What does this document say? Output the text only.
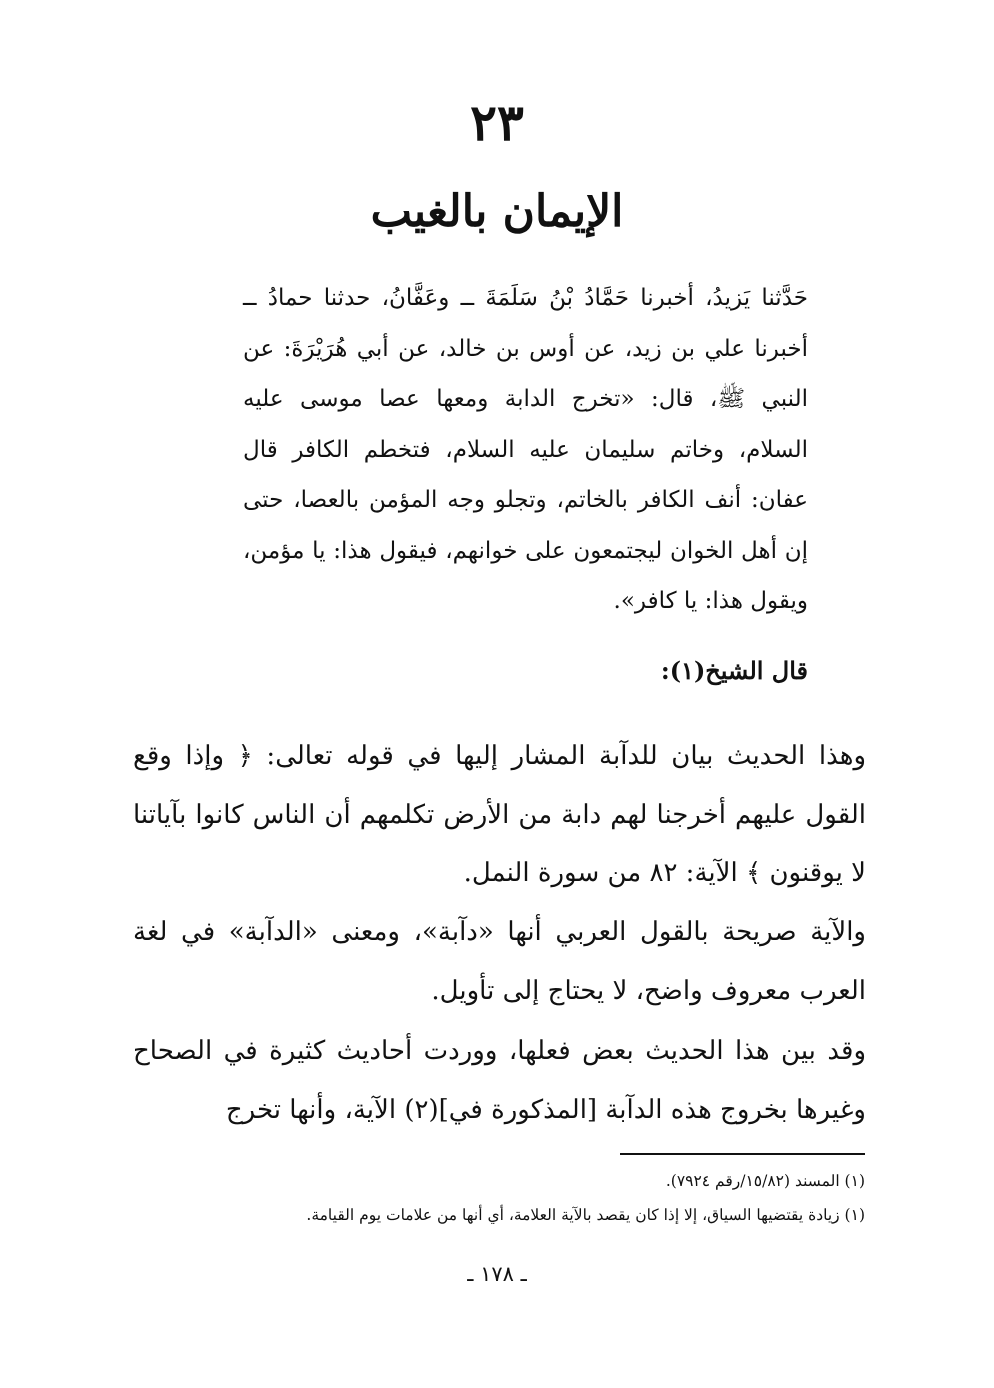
٢٣
الإيمان بالغيب
حَدَّثنا يَزيدُ، أخبرنا حَمَّادُ بْنُ سَلَمَةَ ــ وعَفَّانُ، حدثنا حمادُ ــ أخبرنا علي بن زيد، عن أوس بن خالد، عن أبي هُرَيْرَةَ: عن النبي ﷺ، قال: «تخرج الدابة ومعها عصا موسى عليه السلام، وخاتم سليمان عليه السلام، فتخطم الكافر قال عفان: أنف الكافر بالخاتم، وتجلو وجه المؤمن بالعصا، حتى إن أهل الخوان ليجتمعون على خوانهم، فيقول هذا: يا مؤمن، ويقول هذا: يا كافر».
قال الشيخ(١):
وهذا الحديث بيان للدآبة المشار إليها في قوله تعالى: ﴿ وإذا وقع القول عليهم أخرجنا لهم دابة من الأرض تكلمهم أن الناس كانوا بآياتنا لا يوقنون ﴾ الآية: ٨٢ من سورة النمل.
والآية صريحة بالقول العربي أنها «دآبة»، ومعنى «الدآبة» في لغة العرب معروف واضح، لا يحتاج إلى تأويل.
وقد بين هذا الحديث بعض فعلها، ووردت أحاديث كثيرة في الصحاح وغيرها بخروج هذه الدآبة [المذكورة في](٢) الآية، وأنها تخرج
(١) المسند (١٥/٨٢/رقم ٧٩٢٤).
(١) زيادة يقتضيها السياق، إلا إذا كان يقصد بالآية العلامة، أي أنها من علامات يوم القيامة.
ـ ١٧٨ ـ
